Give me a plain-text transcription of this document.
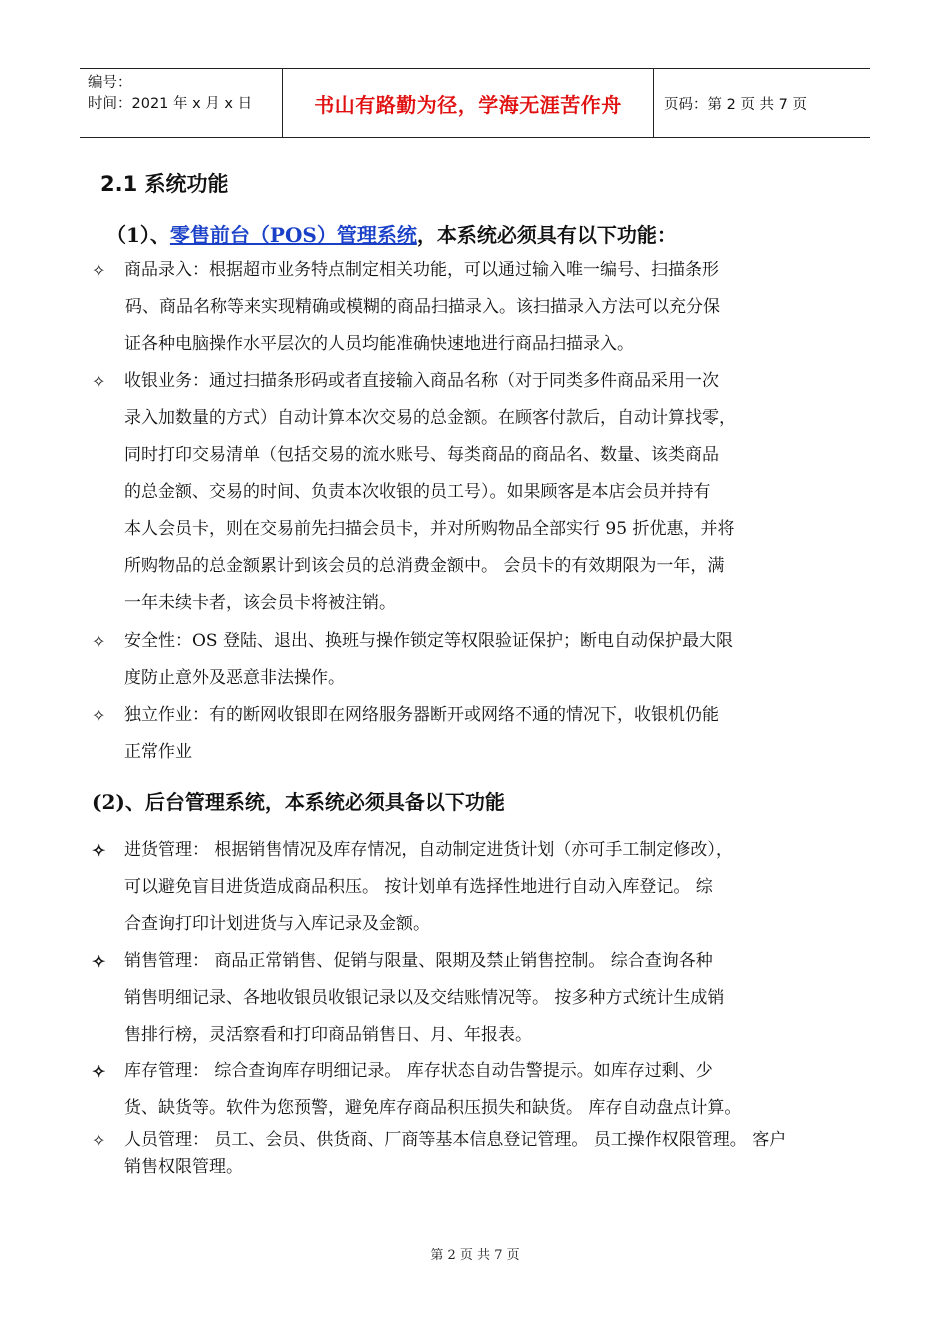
编号：
时间：2021 年 x 月 x 日	书山有路勤为径，学海无涯苦作舟	页码：第 2 页 共 7 页
2.1 系统功能
（1）、零售前台（POS）管理系统，本系统必须具有以下功能：
✧	商品录入：根据超市业务特点制定相关功能，可以通过输入唯一编号、扫描条形
码、商品名称等来实现精确或模糊的商品扫描录入。该扫描录入方法可以充分保
证各种电脑操作水平层次的人员均能准确快速地进行商品扫描录入。
✧	收银业务：通过扫描条形码或者直接输入商品名称（对于同类多件商品采用一次
录入加数量的方式）自动计算本次交易的总金额。在顾客付款后，自动计算找零，
同时打印交易清单（包括交易的流水账号、每类商品的商品名、数量、该类商品
的总金额、交易的时间、负责本次收银的员工号）。如果顾客是本店会员并持有
本人会员卡，则在交易前先扫描会员卡，并对所购物品全部实行 95 折优惠，并将
所购物品的总金额累计到该会员的总消费金额中。 会员卡的有效期限为一年，满
一年未续卡者，该会员卡将被注销。
✧	安全性：OS 登陆、退出、换班与操作锁定等权限验证保护；断电自动保护最大限
度防止意外及恶意非法操作。
✧	独立作业：有的断网收银即在网络服务器断开或网络不通的情况下，收银机仍能
正常作业
(2)、后台管理系统，本系统必须具备以下功能
✧	进货管理： 根据销售情况及库存情况，自动制定进货计划（亦可手工制定修改），
可以避免盲目进货造成商品积压。 按计划单有选择性地进行自动入库登记。 综
合查询打印计划进货与入库记录及金额。
✧	销售管理： 商品正常销售、促销与限量、限期及禁止销售控制。 综合查询各种
销售明细记录、各地收银员收银记录以及交结账情况等。 按多种方式统计生成销
售排行榜，灵活察看和打印商品销售日、月、年报表。
✧	库存管理： 综合查询库存明细记录。 库存状态自动告警提示。如库存过剩、少
货、缺货等。软件为您预警，避免库存商品积压损失和缺货。 库存自动盘点计算。
✧	人员管理： 员工、会员、供货商、厂商等基本信息登记管理。 员工操作权限管理。 客户
销售权限管理。
第 2 页 共 7 页
